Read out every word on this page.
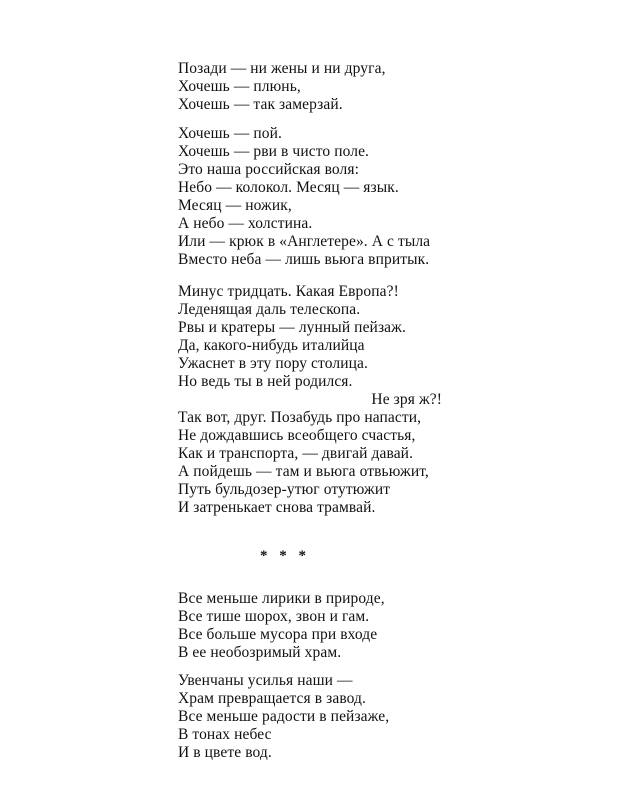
Позади — ни жены и ни друга,
Хочешь — плюнь,
Хочешь — так замерзай.
Хочешь — пой.
Хочешь — рви в чисто поле.
Это наша российская воля:
Небо — колокол. Месяц — язык.
Месяц — ножик,
А небо — холстина.
Или — крюк в «Англетере». А с тыла
Вместо неба — лишь вьюга впритык.
Минус тридцать. Какая Европа?!
Леденящая даль телескопа.
Рвы и кратеры — лунный пейзаж.
Да, какого-нибудь италийца
Ужаснет в эту пору столица.
Но ведь ты в ней родился.
Не зря ж?!
Так вот, друг. Позабудь про напасти,
Не дождавшись всеобщего счастья,
Как и транспорта, — двигай давай.
А пойдешь — там и вьюга отвьюжит,
Путь бульдозер-утюг отутюжит
И затренькает снова трамвай.
* * *
Все меньше лирики в природе,
Все тише шорох, звон и гам.
Все больше мусора при входе
В ее необозримый храм.
Увенчаны усилья наши —
Храм превращается в завод.
Все меньше радости в пейзаже,
В тонах небес
И в цвете вод.
